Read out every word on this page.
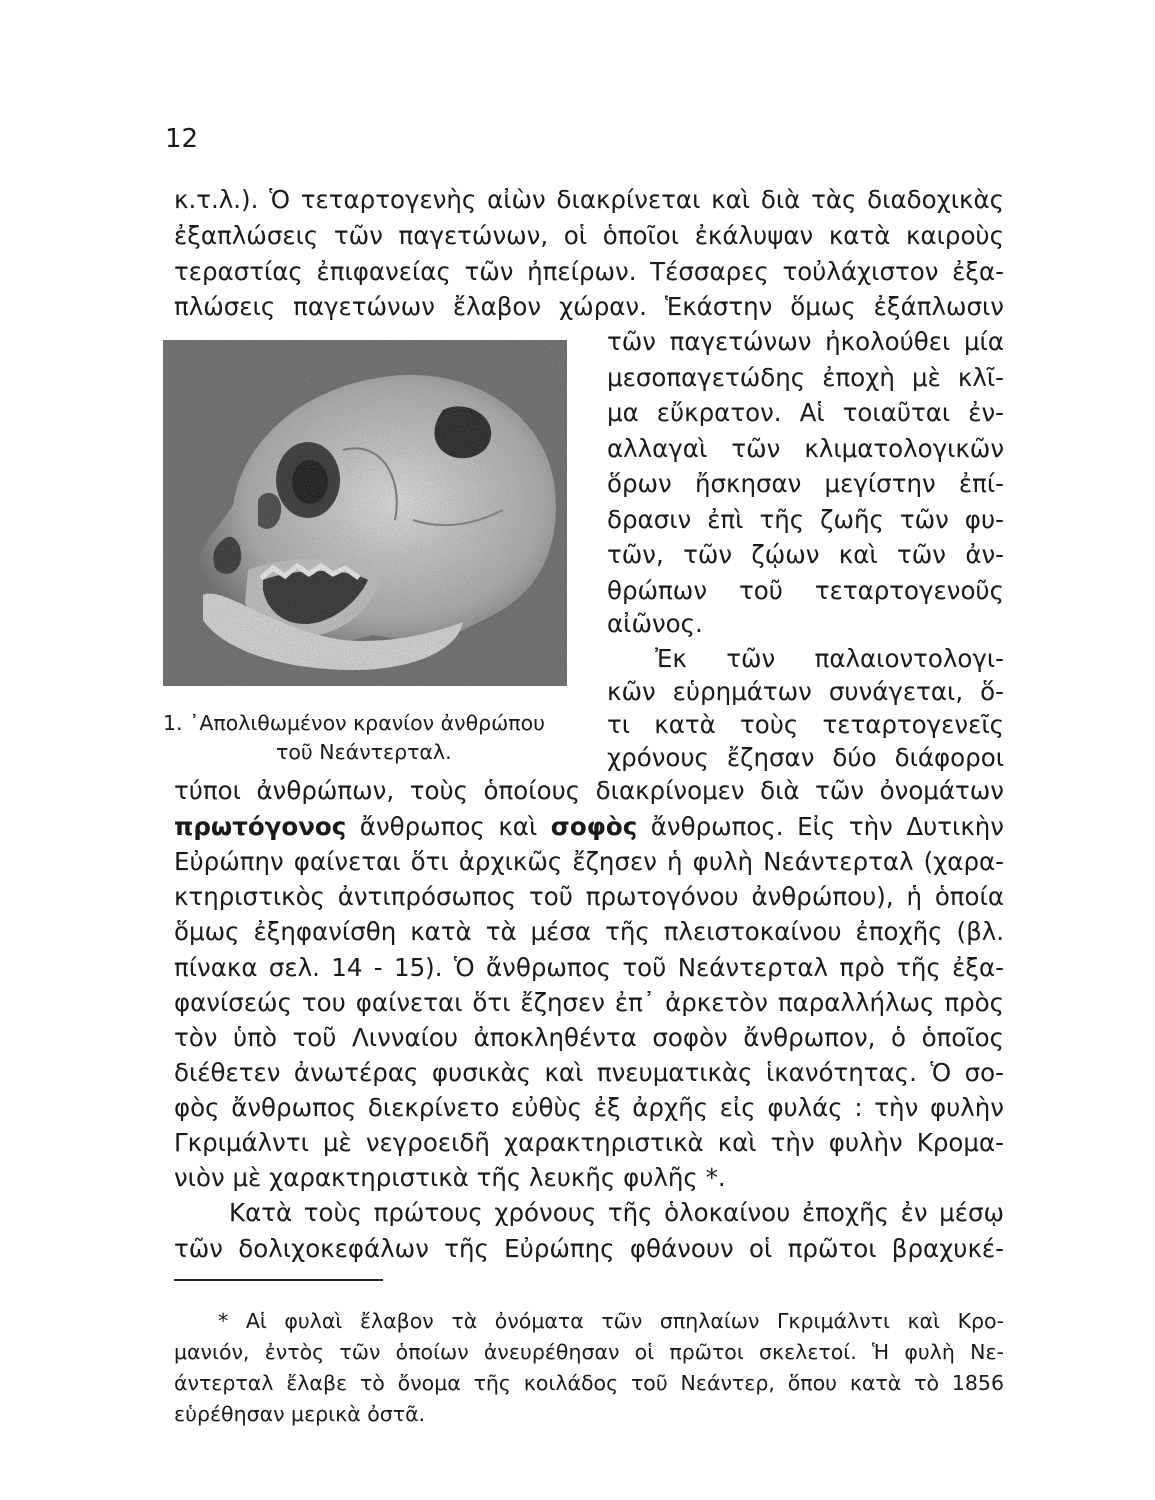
12
κ.τ.λ.). Ὁ τεταρτογενὴς αἰὼν διακρίνεται καὶ διὰ τὰς διαδοχικὰς
ἐξαπλώσεις τῶν παγετώνων, οἱ ὁποῖοι ἐκάλυψαν κατὰ καιροὺς
τεραστίας ἐπιφανείας τῶν ἠπείρων. Τέσσαρες τοὐλάχιστον ἐξα-
πλώσεις παγετώνων ἔλαβον χώραν. Ἑκάστην ὅμως ἐξάπλωσιν
τῶν παγετώνων ἠκολούθει μία
μεσοπαγετώδης ἐποχὴ μὲ κλῖ-
μα εὔκρατον. Αἱ τοιαῦται ἐν-
αλλαγαὶ τῶν κλιματολογικῶν
ὅρων ἤσκησαν μεγίστην ἐπί-
δρασιν ἐπὶ τῆς ζωῆς τῶν φυ-
τῶν, τῶν ζῴων καὶ τῶν ἀν-
θρώπων τοῦ τεταρτογενοῦς
αἰῶνος.
Ἐκ τῶν παλαιοντολογι-
κῶν εὑρημάτων συνάγεται, ὅ-
τι κατὰ τοὺς τεταρτογενεῖς
χρόνους ἔζησαν δύο διάφοροι
1. ᾿Απολιθωμένον κρανίον ἀνθρώπου
τοῦ Νεάντερταλ.
τύποι ἀνθρώπων, τοὺς ὁποίους διακρίνομεν διὰ τῶν ὀνομάτων
πρωτόγονος ἄνθρωπος καὶ σοφὸς ἄνθρωπος. Εἰς τὴν Δυτικὴν
Εὐρώπην φαίνεται ὅτι ἀρχικῶς ἔζησεν ἡ φυλὴ Νεάντερταλ (χαρα-
κτηριστικὸς ἀντιπρόσωπος τοῦ πρωτογόνου ἀνθρώπου), ἡ ὁποία
ὅμως ἐξηφανίσθη κατὰ τὰ μέσα τῆς πλειστοκαίνου ἐποχῆς (βλ.
πίνακα σελ. 14 - 15). Ὁ ἄνθρωπος τοῦ Νεάντερταλ πρὸ τῆς ἐξα-
φανίσεώς του φαίνεται ὅτι ἔζησεν ἐπ᾿ ἀρκετὸν παραλλήλως πρὸς
τὸν ὑπὸ τοῦ Λινναίου ἀποκληθέντα σοφὸν ἄνθρωπον, ὁ ὁποῖος
διέθετεν ἀνωτέρας φυσικὰς καὶ πνευματικὰς ἱκανότητας. Ὁ σο-
φὸς ἄνθρωπος διεκρίνετο εὐθὺς ἐξ ἀρχῆς εἰς φυλάς : τὴν φυλὴν
Γκριμάλντι μὲ νεγροειδῆ χαρακτηριστικὰ καὶ τὴν φυλὴν Κρομα-
νιὸν μὲ χαρακτηριστικὰ τῆς λευκῆς φυλῆς *.
Κατὰ τοὺς πρώτους χρόνους τῆς ὁλοκαίνου ἐποχῆς ἐν μέσῳ
τῶν δολιχοκεφάλων τῆς Εὐρώπης φθάνουν οἱ πρῶτοι βραχυκέ-
* Αἱ φυλαὶ ἔλαβον τὰ ὀνόματα τῶν σπηλαίων Γκριμάλντι καὶ Κρο-
μανιόν, ἐντὸς τῶν ὁποίων ἀνευρέθησαν οἱ πρῶτοι σκελετοί. Ἡ φυλὴ Νε-
άντερταλ ἔλαβε τὸ ὄνομα τῆς κοιλάδος τοῦ Νεάντερ, ὅπου κατὰ τὸ 1856
εὑρέθησαν μερικὰ ὀστᾶ.
